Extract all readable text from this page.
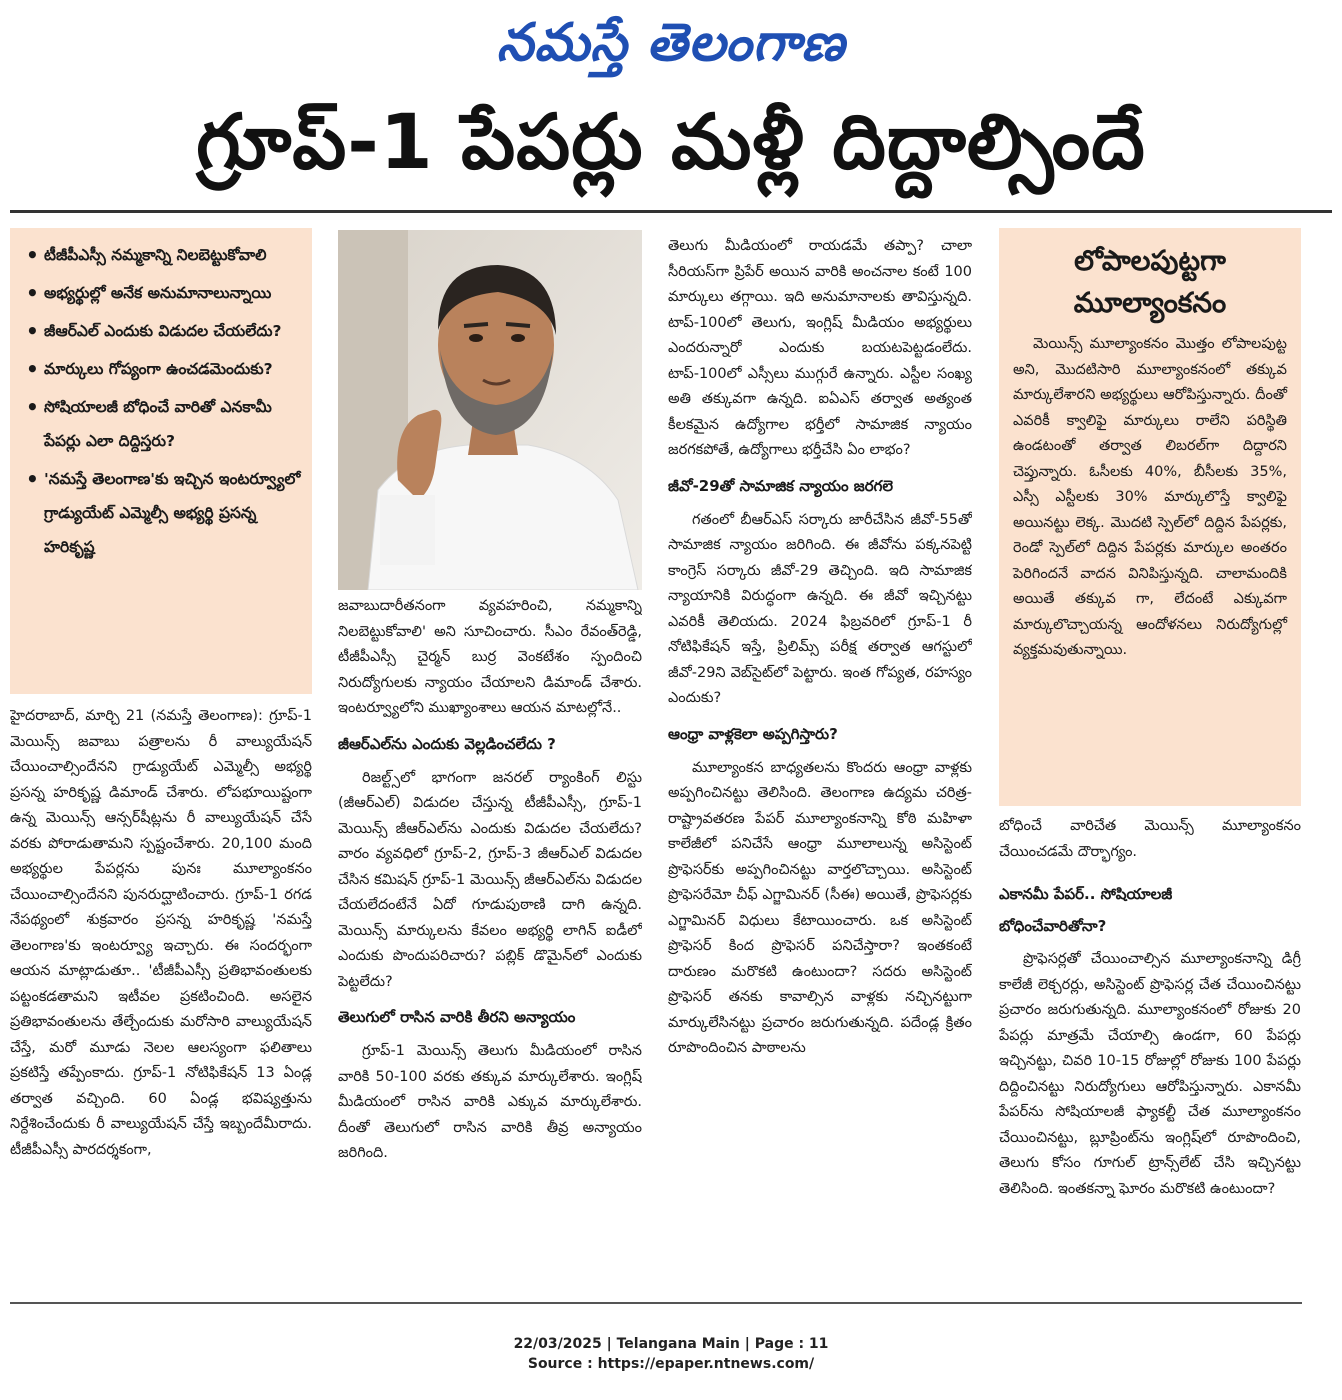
నమస్తే తెలంగాణ
గ్రూప్‌-1 పేపర్లు మళ్లీ దిద్దాల్సిందే
• టీజీపీఎస్సీ నమ్మకాన్ని నిలబెట్టుకోవాలి
• అభ్యర్థుల్లో అనేక అనుమానాలున్నాయి
• జీఆర్‌ఎల్‌ ఎందుకు విడుదల చేయలేదు?
• మార్కులు గోప్యంగా ఉంచడమెందుకు?
• సోషియాలజీ బోధించే వారితో ఎనకామీ పేపర్లు ఎలా దిద్దిస్తరు?
• 'నమస్తే తెలంగాణ'కు ఇచ్చిన ఇంటర్వ్యూలో గ్రాడ్యుయేట్‌ ఎమ్మెల్సీ అభ్యర్థి ప్రసన్న హరికృష్ణ

హైదరాబాద్‌, మార్చి 21 (నమస్తే తెలంగాణ): గ్రూప్‌-1 మెయిన్స్‌ జవాబు పత్రాలను రీ వాల్యుయేషన్‌ చేయించాల్సిందేనని గ్రాడ్యుయేట్‌ ఎమ్మెల్సీ అభ్యర్థి ప్రసన్న హరికృష్ణ డిమాండ్‌ చేశారు. లోపభూయిష్టంగా ఉన్న మెయిన్స్‌ ఆన్సర్‌షీట్లను రీ వాల్యుయేషన్‌ చేసే వరకు పోరాడుతామని స్పష్టంచేశారు. 20,100 మంది అభ్యర్థుల పేపర్లను పునః మూల్యాంకనం చేయించాల్సిందేనని పునరుద్ఘాటించారు. గ్రూప్‌-1 రగడ నేపథ్యంలో శుక్రవారం ప్రసన్న హరికృష్ణ 'నమస్తే తెలంగాణ'కు ఇంటర్వ్యూ ఇచ్చారు. ఈ సందర్భంగా ఆయన మాట్లాడుతూ.. 'టీజీపీఎస్సీ ప్రతిభావంతులకు పట్టంకడతామని ఇటీవల ప్రకటించింది. అసలైన ప్రతిభావంతులను తేల్చేందుకు మరోసారి వాల్యుయేషన్‌ చేస్తే, మరో మూడు నెలల ఆలస్యంగా ఫలితాలు ప్రకటిస్తే తప్పేంకాదు. గ్రూప్‌-1 నోటిఫికేషన్‌ 13 ఏండ్ల తర్వాత వచ్చింది. 60 ఏండ్ల భవిష్యత్తును నిర్దేశించేందుకు రీ వాల్యుయేషన్‌ చేస్తే ఇబ్బందేమీరాదు. టీజీపీఎస్సీ పారదర్శకంగా,

జవాబుదారీతనంగా వ్యవహరించి, నమ్మకాన్ని నిలబెట్టుకోవాలి' అని సూచించారు. సీఎం రేవంత్‌రెడ్డి, టీజీపీఎస్సీ చైర్మన్‌ బుర్ర వెంకటేశం స్పందించి నిరుద్యోగులకు న్యాయం చేయాలని డిమాండ్‌ చేశారు. ఇంటర్వ్యూలోని ముఖ్యాంశాలు ఆయన మాటల్లోనే..

జీఆర్‌ఎల్‌ను ఎందుకు వెల్లడించలేదు ?

రిజల్ట్స్‌లో భాగంగా జనరల్‌ ర్యాంకింగ్‌ లిస్టు (జీఆర్‌ఎల్‌) విడుదల చేస్తున్న టీజీపీఎస్సీ, గ్రూప్‌-1 మెయిన్స్‌ జీఆర్‌ఎల్‌ను ఎందుకు విడుదల చేయలేదు? వారం వ్యవధిలో గ్రూప్‌-2, గ్రూప్‌-3 జీఆర్‌ఎల్‌ విడుదల చేసిన కమిషన్‌ గ్రూప్‌-1 మెయిన్స్‌ జీఆర్‌ఎల్‌ను విడుదల చేయలేదంటేనే ఏదో గూడుపుఠాణి దాగి ఉన్నది. మెయిన్స్‌ మార్కులను కేవలం అభ్యర్థి లాగిన్‌ ఐడీలో ఎందుకు పొందుపరిచారు? పబ్లిక్‌ డొమైన్‌లో ఎందుకు పెట్టలేదు?

తెలుగులో రాసిన వారికి తీరని అన్యాయం

గ్రూప్‌-1 మెయిన్స్‌ తెలుగు మీడియంలో రాసిన వారికి 50-100 వరకు తక్కువ మార్కులేశారు. ఇంగ్లిష్‌ మీడియంలో రాసిన వారికి ఎక్కువ మార్కులేశారు. దీంతో తెలుగులో రాసిన వారికి తీవ్ర అన్యాయం జరిగింది.

తెలుగు మీడియంలో రాయడమే తప్పా? చాలా సీరియస్‌గా ప్రిపేర్‌ అయిన వారికి అంచనాల కంటే 100 మార్కులు తగ్గాయి. ఇది అనుమానాలకు తావిస్తున్నది. టాప్‌-100లో తెలుగు, ఇంగ్లిష్‌ మీడియం అభ్యర్థులు ఎందరున్నారో ఎందుకు బయటపెట్టడంలేదు. టాప్‌-100లో ఎస్సీలు ముగ్గురే ఉన్నారు. ఎస్టీల సంఖ్య అతి తక్కువగా ఉన్నది. ఐఏఎస్‌ తర్వాత అత్యంత కీలకమైన ఉద్యోగాల భర్తీలో సామాజిక న్యాయం జరగకపోతే, ఉద్యోగాలు భర్తీచేసి ఏం లాభం?

జీవో-29తో సామాజిక న్యాయం జరగలె

గతంలో బీఆర్‌ఎస్‌ సర్కారు జారీచేసిన జీవో-55తో సామాజిక న్యాయం జరిగింది. ఈ జీవోను పక్కనపెట్టి కాంగ్రెస్‌ సర్కారు జీవో-29 తెచ్చింది. ఇది సామాజిక న్యాయానికి విరుద్ధంగా ఉన్నది. ఈ జీవో ఇచ్చినట్టు ఎవరికీ తెలియదు. 2024 ఫిబ్రవరిలో గ్రూప్‌-1 రీ నోటిఫికేషన్‌ ఇస్తే, ప్రిలిమ్స్‌ పరీక్ష తర్వాత ఆగస్టులో జీవో-29ని వెబ్‌సైట్‌లో పెట్టారు. ఇంత గోప్యత, రహస్యం ఎందుకు?

ఆంధ్రా వాళ్లకెలా అప్పగిస్తారు?

మూల్యాంకన బాధ్యతలను కొందరు ఆంధ్రా వాళ్లకు అప్పగించినట్టు తెలిసింది. తెలంగాణ ఉద్యమ చరిత్ర-రాష్ట్రావతరణ పేపర్‌ మూల్యాంకనాన్ని కోఠి మహిళా కాలేజీలో పనిచేసే ఆంధ్రా మూలాలున్న అసిస్టెంట్‌ ప్రొఫెసర్‌కు అప్పగించినట్టు వార్తలొచ్చాయి. అసిస్టెంట్‌ ప్రొఫెసరేమో చీఫ్‌ ఎగ్జామినర్‌ (సీఈ) అయితే, ప్రొఫెసర్లకు ఎగ్జామినర్‌ విధులు కేటాయించారు. ఒక అసిస్టెంట్‌ ప్రొఫెసర్‌ కింద ప్రొఫెసర్‌ పనిచేస్తారా? ఇంతకంటే దారుణం మరొకటి ఉంటుందా? సదరు అసిస్టెంట్‌ ప్రొఫెసర్‌ తనకు కావాల్సిన వాళ్లకు నచ్చినట్టుగా మార్కులేసినట్టు ప్రచారం జరుగుతున్నది. పదేండ్ల క్రితం రూపొందించిన పాఠాలను

లోపాలపుట్టగా మూల్యాంకనం

మెయిన్స్‌ మూల్యాంకనం మొత్తం లోపాలపుట్ట అని, మొదటిసారి మూల్యాంకనంలో తక్కువ మార్కులేశారని అభ్యర్థులు ఆరోపిస్తున్నారు. దీంతో ఎవరికీ క్వాలిఫై మార్కులు రాలేని పరిస్థితి ఉండటంతో తర్వాత లిబరల్‌గా దిద్దారని చెప్తున్నారు. ఓసీలకు 40%, బీసీలకు 35%, ఎస్సీ ఎస్టీలకు 30% మార్కులొస్తే క్వాలిఫై అయినట్టు లెక్క. మొదటి స్పెల్‌లో దిద్దిన పేపర్లకు, రెండో స్పెల్‌లో దిద్దిన పేపర్లకు మార్కుల అంతరం పెరిగిందనే వాదన వినిపిస్తున్నది. చాలామందికి అయితే తక్కువ గా, లేదంటే ఎక్కువగా మార్కులొచ్చాయన్న ఆందోళనలు నిరుద్యోగుల్లో వ్యక్తమవుతున్నాయి.

బోధించే వారిచేత మెయిన్స్‌ మూల్యాంకనం చేయించడమే దౌర్భాగ్యం.

ఎకానమీ పేపర్‌.. సోషియాలజీ
బోధించేవారితోనా?

ప్రొఫెసర్లతో చేయించాల్సిన మూల్యాంకనాన్ని డిగ్రీ కాలేజీ లెక్చరర్లు, అసిస్టెంట్‌ ప్రొఫెసర్ల చేత చేయించినట్టు ప్రచారం జరుగుతున్నది. మూల్యాంకనంలో రోజుకు 20 పేపర్లు మాత్రమే చేయాల్సి ఉండగా, 60 పేపర్లు ఇచ్చినట్టు, చివరి 10-15 రోజుల్లో రోజుకు 100 పేపర్లు దిద్దించినట్టు నిరుద్యోగులు ఆరోపిస్తున్నారు. ఎకానమీ పేపర్‌ను సోషియాలజీ ఫ్యాకల్టీ చేత మూల్యాంకనం చేయించినట్టు, బ్లూప్రింట్‌ను ఇంగ్లిష్‌లో రూపొందించి, తెలుగు కోసం గూగుల్‌ ట్రాన్స్‌లేట్‌ చేసి ఇచ్చినట్టు తెలిసింది. ఇంతకన్నా ఘోరం మరొకటి ఉంటుందా?

22/03/2025 | Telangana Main | Page : 11
Source : https://epaper.ntnews.com/
